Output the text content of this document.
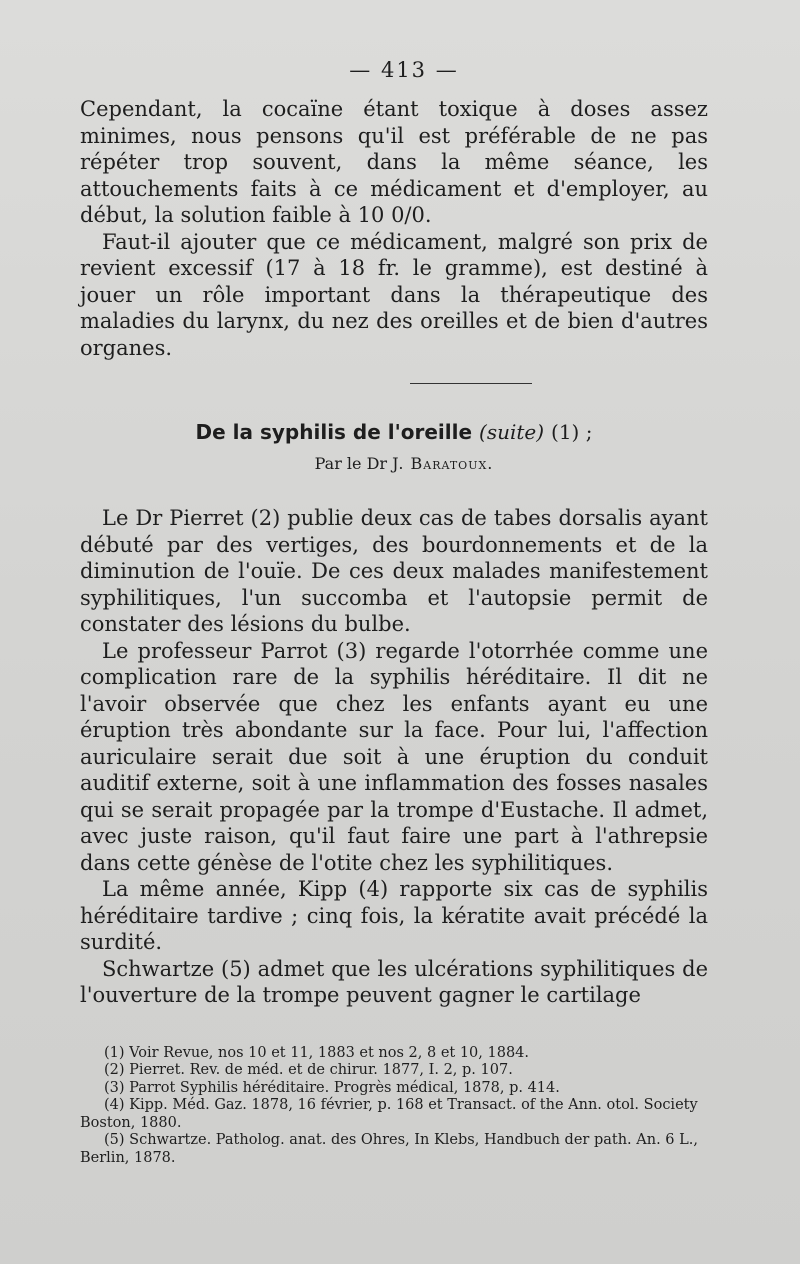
— 413 —

Cependant, la cocaïne étant toxique à doses assez minimes, nous pensons qu'il est préférable de ne pas répéter trop souvent, dans la même séance, les attouchements faits à ce médicament et d'employer, au début, la solution faible à 10 0/0.

Faut-il ajouter que ce médicament, malgré son prix de revient excessif (17 à 18 fr. le gramme), est destiné à jouer un rôle important dans la thérapeutique des maladies du larynx, du nez des oreilles et de bien d'autres organes.

De la syphilis de l'oreille (suite) (1) ;
Par le Dr J. Baratoux.

Le Dr Pierret (2) publie deux cas de tabes dorsalis ayant débuté par des vertiges, des bourdonnements et de la diminution de l'ouïe. De ces deux malades manifestement syphilitiques, l'un succomba et l'autopsie permit de constater des lésions du bulbe.

Le professeur Parrot (3) regarde l'otorrhée comme une complication rare de la syphilis héréditaire. Il dit ne l'avoir observée que chez les enfants ayant eu une éruption très abondante sur la face. Pour lui, l'affection auriculaire serait due soit à une éruption du conduit auditif externe, soit à une inflammation des fosses nasales qui se serait propagée par la trompe d'Eustache. Il admet, avec juste raison, qu'il faut faire une part à l'athrepsie dans cette génèse de l'otite chez les syphilitiques.

La même année, Kipp (4) rapporte six cas de syphilis héréditaire tardive ; cinq fois, la kératite avait précédé la surdité.

Schwartze (5) admet que les ulcérations syphilitiques de l'ouverture de la trompe peuvent gagner le cartilage

(1) Voir Revue, nos 10 et 11, 1883 et nos 2, 8 et 10, 1884.

(2) Pierret. Rev. de méd. et de chirur. 1877, I. 2, p. 107.

(3) Parrot Syphilis héréditaire. Progrès médical, 1878, p. 414.

(4) Kipp. Méd. Gaz. 1878, 16 février, p. 168 et Transact. of the Ann. otol. Society Boston, 1880.

(5) Schwartze. Patholog. anat. des Ohres, In Klebs, Handbuch der path. An. 6 L., Berlin, 1878.
